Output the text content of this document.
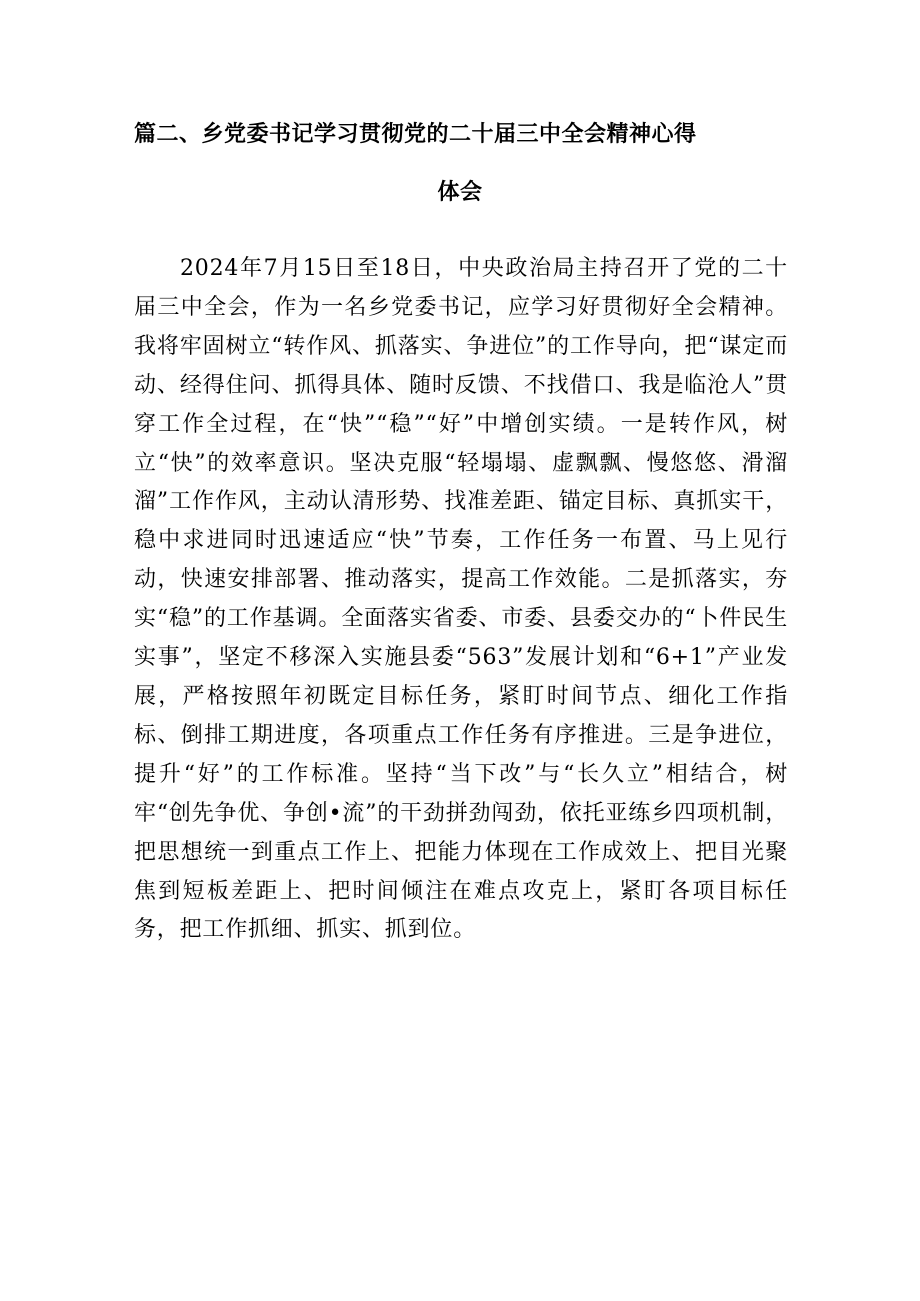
篇二、乡党委书记学习贯彻党的二十届三中全会精神心得
体会

2024年7月15日至18日，中央政治局主持召开了党的二十届三中全会，作为一名乡党委书记，应学习好贯彻好全会精神。我将牢固树立“转作风、抓落实、争进位”的工作导向，把“谋定而动、经得住问、抓得具体、随时反馈、不找借口、我是临沧人”贯穿工作全过程，在“快”“稳”“好”中增创实绩。一是转作风，树立“快”的效率意识。坚决克服“轻塌塌、虚飘飘、慢悠悠、滑溜溜”工作作风，主动认清形势、找准差距、锚定目标、真抓实干，稳中求进同时迅速适应“快”节奏，工作任务一布置、马上见行动，快速安排部署、推动落实，提高工作效能。二是抓落实，夯实“稳”的工作基调。全面落实省委、市委、县委交办的“卜件民生实事”，坚定不移深入实施县委“563”发展计划和“6+1”产业发展，严格按照年初既定目标任务，紧盯时间节点、细化工作指标、倒排工期进度，各项重点工作任务有序推进。三是争进位，提升“好”的工作标准。坚持“当下改”与“长久立”相结合，树牢“创先争优、争创•流”的干劲拼劲闯劲，依托亚练乡四项机制，把思想统一到重点工作上、把能力体现在工作成效上、把目光聚焦到短板差距上、把时间倾注在难点攻克上，紧盯各项目标任务，把工作抓细、抓实、抓到位。
